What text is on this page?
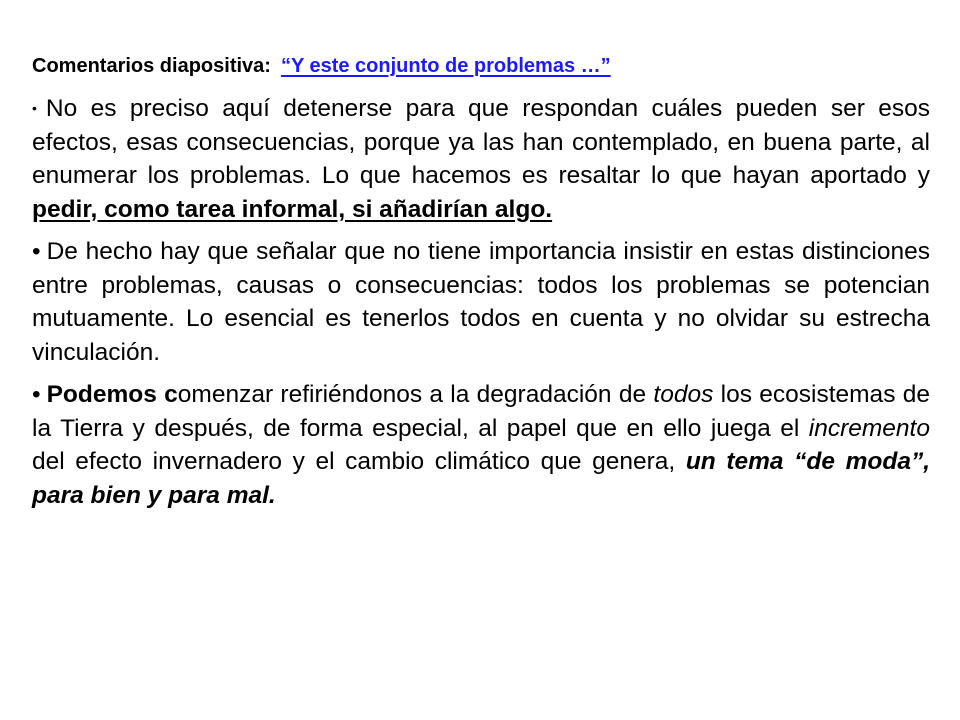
Comentarios diapositiva: “Y este conjunto de problemas …”

• No es preciso aquí detenerse para que respondan cuáles pueden ser esos efectos, esas consecuencias, porque ya las han contemplado, en buena parte, al enumerar los problemas. Lo que hacemos es resaltar lo que hayan aportado y pedir, como tarea informal, si añadirían algo.

• De hecho hay que señalar que no tiene importancia insistir en estas distinciones entre problemas, causas o consecuencias: todos los problemas se potencian mutuamente. Lo esencial es tenerlos todos en cuenta y no olvidar su estrecha vinculación.

• Podemos comenzar refiriéndonos a la degradación de todos los ecosistemas de la Tierra y después, de forma especial, al papel que en ello juega el incremento del efecto invernadero y el cambio climático que genera, un tema “de moda”, para bien y para mal.
